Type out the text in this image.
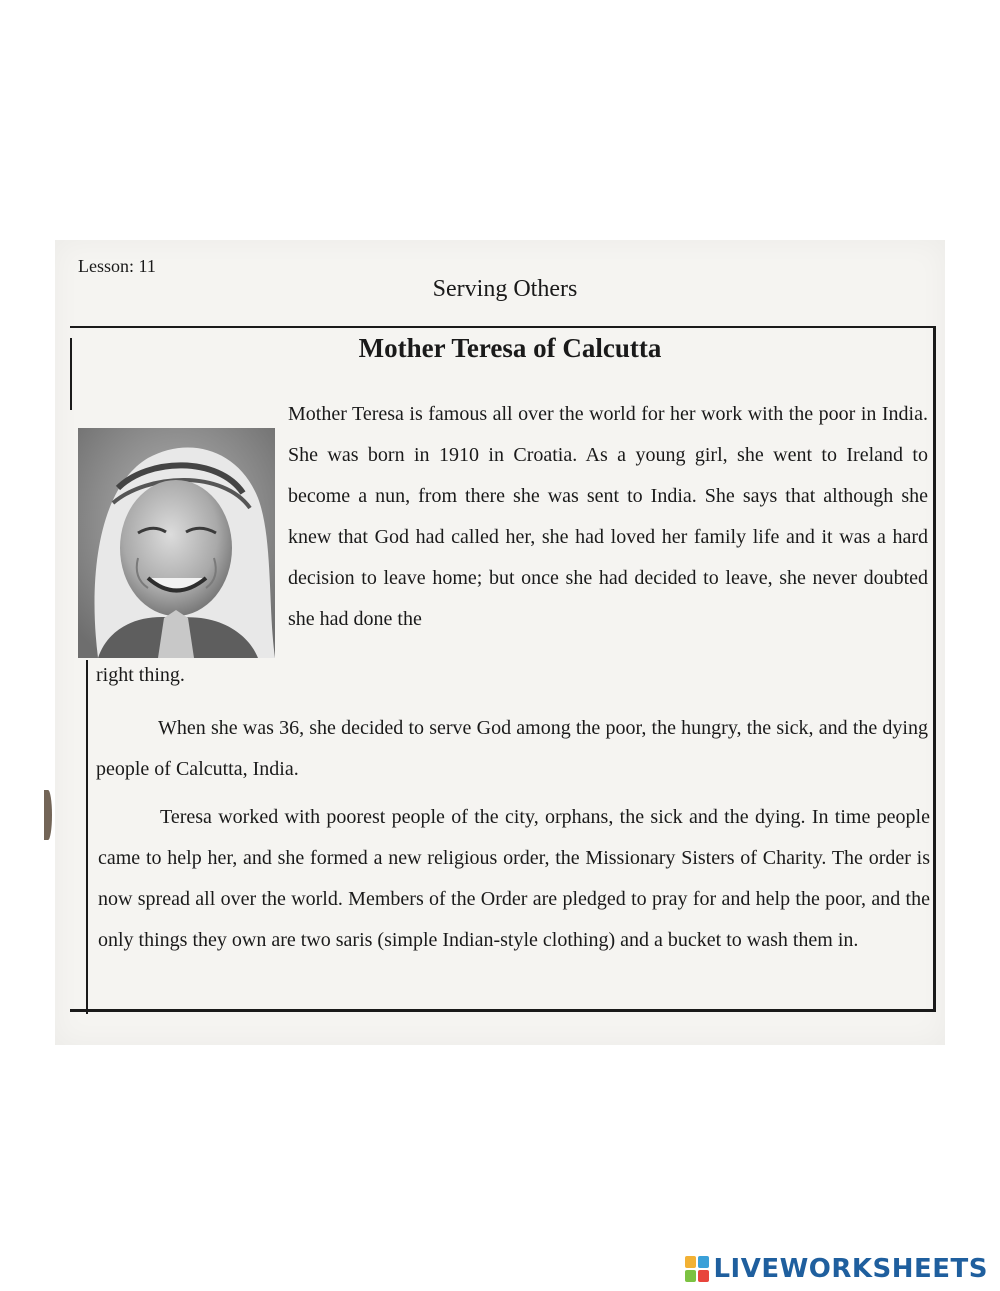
Lesson: 11

Serving Others

Mother Teresa of Calcutta

Mother Teresa is famous all over the world for her work with the poor in India. She was born in 1910 in Croatia. As a young girl, she went to Ireland to become a nun, from there she was sent to India. She says that although she knew that God had called her, she had loved her family life and it was a hard decision to leave home; but once she had decided to leave, she never doubted she had done the

right thing.

When she was 36, she decided to serve God among the poor, the hungry, the sick, and the dying people of Calcutta, India.

Teresa worked with poorest people of the city, orphans, the sick and the dying. In time people came to help her, and she formed a new religious order, the Missionary Sisters of Charity. The order is now spread all over the world. Members of the Order are pledged to pray for and help the poor, and the only things they own are two saris (simple Indian-style clothing) and a bucket to wash them in.

LIVEWORKSHEETS
